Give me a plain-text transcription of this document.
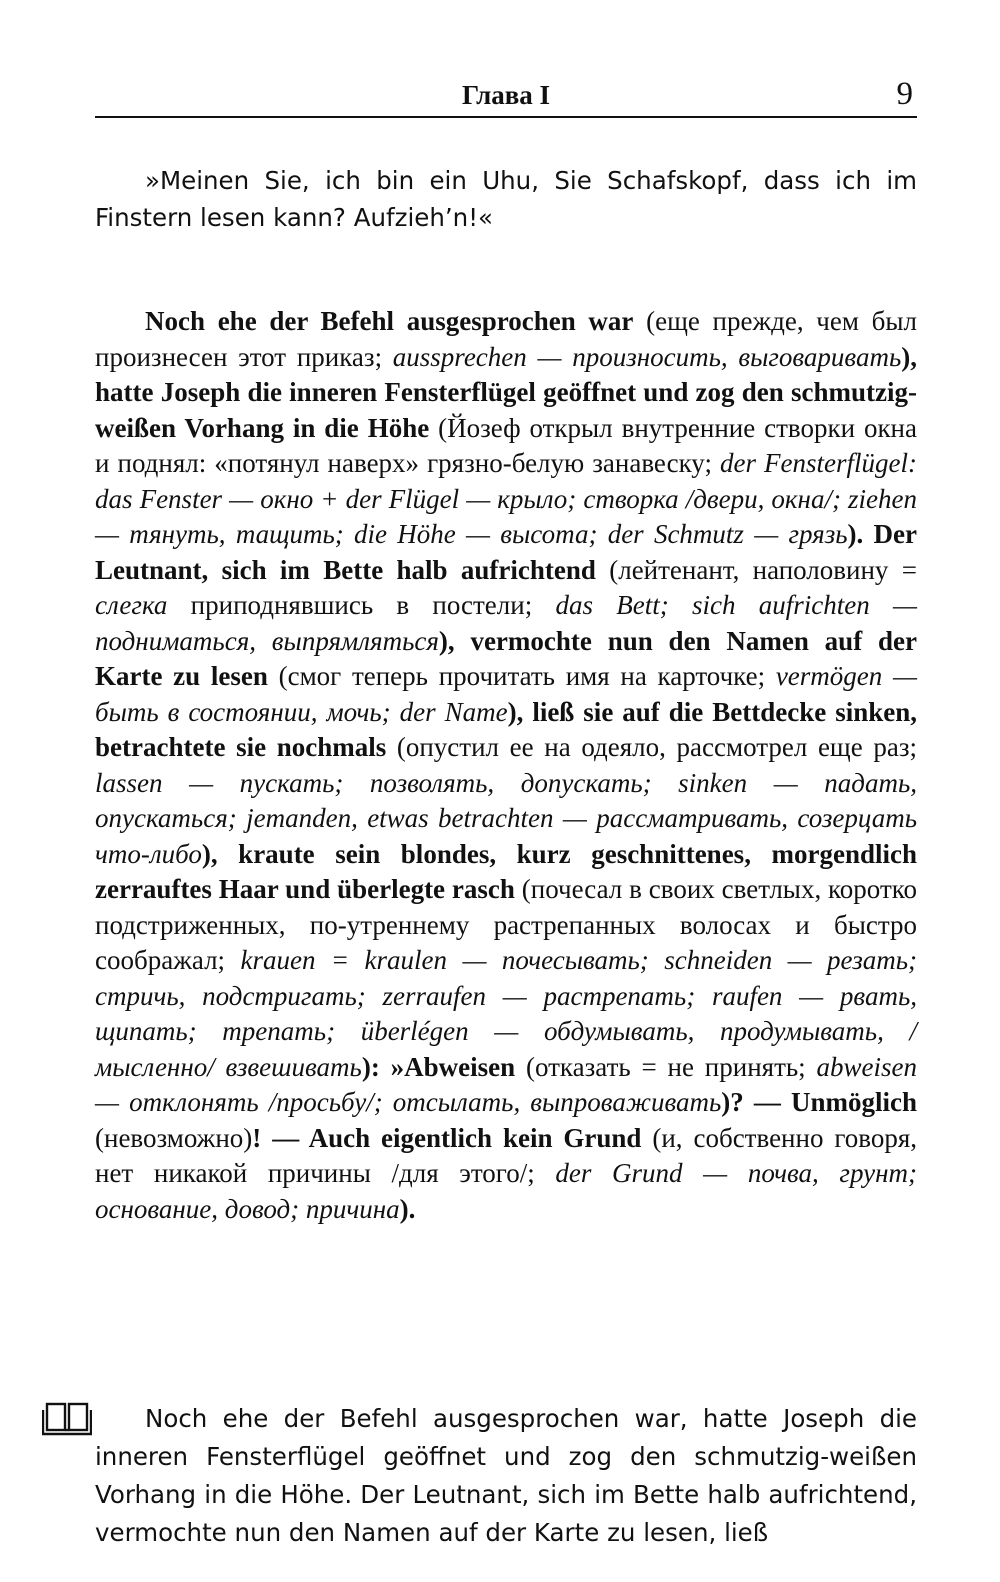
Глава I	9

»Meinen Sie, ich bin ein Uhu, Sie Schafskopf, dass ich im Finstern lesen kann? Aufzieh’n!«

Noch ehe der Befehl ausgesprochen war (еще прежде, чем был произнесен этот приказ; aussprechen — произносить, выговаривать), hatte Joseph die inneren Fensterflügel geöffnet und zog den schmutzig-weißen Vorhang in die Höhe (Йозеф открыл внутренние створки окна и поднял: «потянул наверх» грязно-белую занавеску; der Fensterflügel: das Fenster — окно + der Flügel — крыло; створка /двери, окна/; ziehen — тянуть, тащить; die Höhe — высота; der Schmutz — грязь). Der Leutnant, sich im Bette halb aufrichtend (лейтенант, наполовину = слегка приподнявшись в постели; das Bett; sich aufrichten — подниматься, выпрямляться), vermochte nun den Namen auf der Karte zu lesen (смог теперь прочитать имя на карточке; vermögen — быть в состоянии, мочь; der Name), ließ sie auf die Bettdecke sinken, betrachtete sie nochmals (опустил ее на одеяло, рассмотрел еще раз; lassen — пускать; позволять, допускать; sinken — падать, опускаться; jemanden, etwas betrachten — рассматривать, созерцать что-либо), kraute sein blondes, kurz geschnittenes, morgendlich zerrauftes Haar und überlegte rasch (почесал в своих светлых, коротко подстриженных, по-утреннему растрепанных волосах и быстро соображал; krauen = kraulen — почесывать; schneiden — резать; стричь, подстригать; zerraufen — растрепать; raufen — рвать, щипать; трепать; überlégen — обдумывать, продумывать, /мысленно/ взвешивать): »Abweisen (отказать = не принять; abweisen — отклонять /просьбу/; отсылать, выпроваживать)? — Unmöglich (невозможно)! — Auch eigentlich kein Grund (и, собственно говоря, нет никакой причины /для этого/; der Grund — почва, грунт; основание, довод; причина).

Noch ehe der Befehl ausgesprochen war, hatte Joseph die inneren Fensterflügel geöffnet und zog den schmutzig-weißen Vorhang in die Höhe. Der Leutnant, sich im Bette halb aufrichtend, vermochte nun den Namen auf der Karte zu lesen, ließ
